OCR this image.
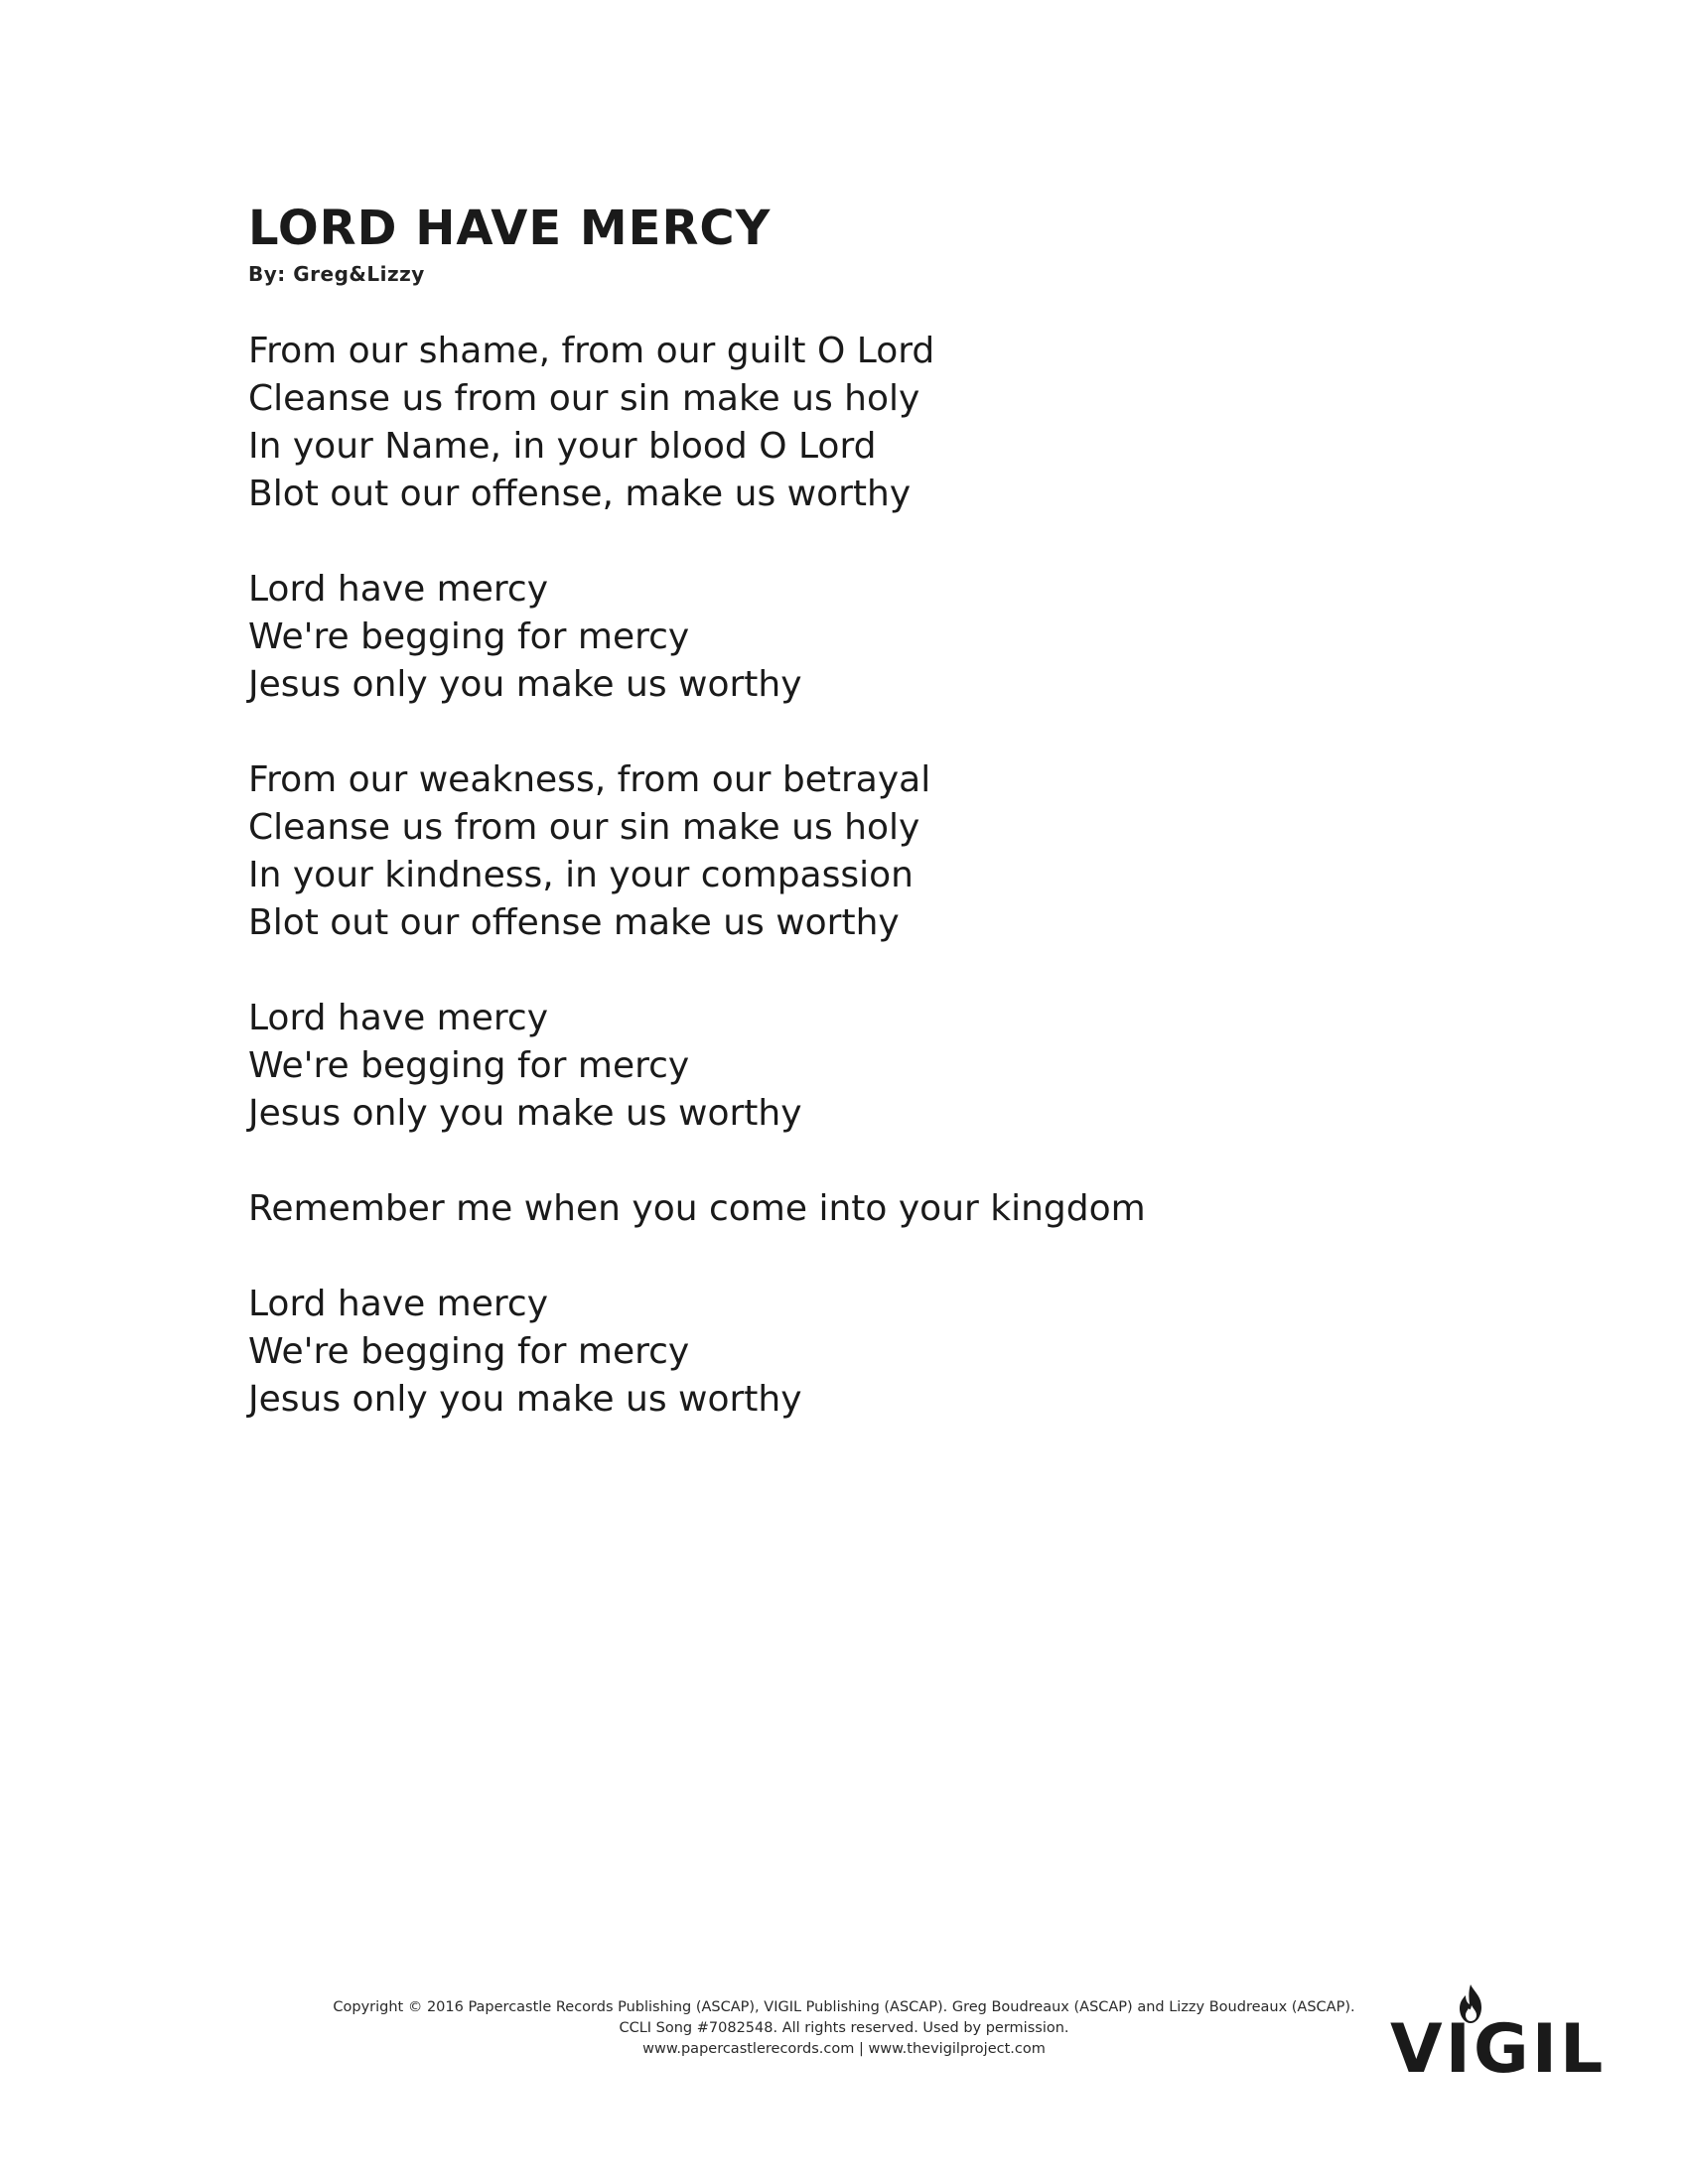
LORD HAVE MERCY
By: Greg&Lizzy
From our shame, from our guilt O Lord
Cleanse us from our sin make us holy
In your Name, in your blood O Lord
Blot out our offense, make us worthy
Lord have mercy
We're begging for mercy
Jesus only you make us worthy
From our weakness, from our betrayal
Cleanse us from our sin make us holy
In your kindness, in your compassion
Blot out our offense make us worthy
Lord have mercy
We're begging for mercy
Jesus only you make us worthy
Remember me when you come into your kingdom
Lord have mercy
We're begging for mercy
Jesus only you make us worthy
Copyright © 2016 Papercastle Records Publishing (ASCAP), VIGIL Publishing (ASCAP). Greg Boudreaux (ASCAP) and Lizzy Boudreaux (ASCAP).
CCLI Song #7082548. All rights reserved. Used by permission.
www.papercastlerecords.com | www.thevigilproject.com	VIGIL
